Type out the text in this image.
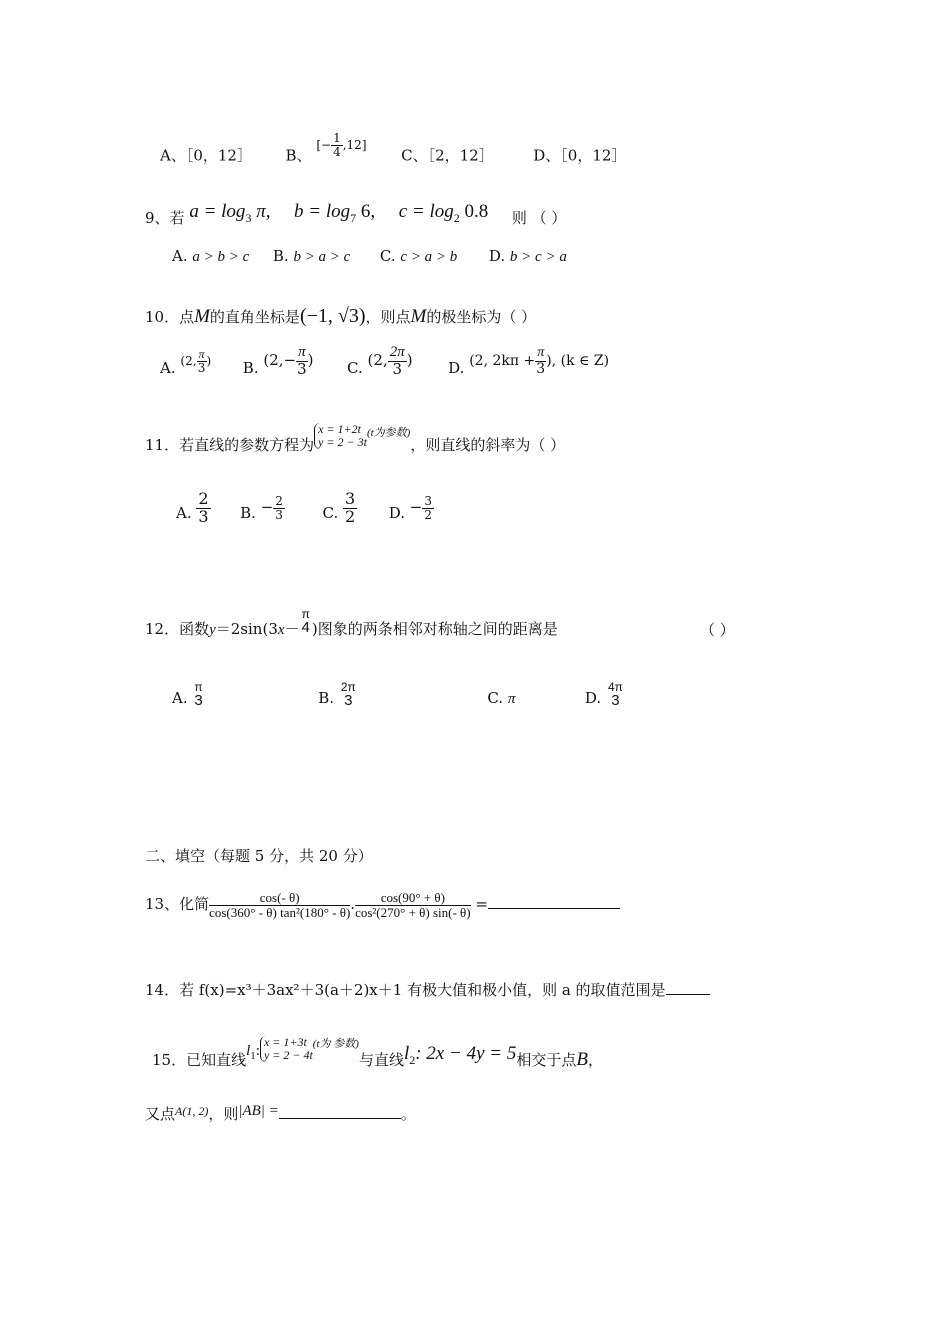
A、［0，12］ B、 [− 1
4 ,12]  C、［2，12］	D、［0，12］
9、若 $a = \log_3 \pi$, $b = \log_7 6$, $c = \log_2 0.8$ 则 （ ）
A. a > b > c B. b > a > c C. c > a > b D. b > c > a
10．点M的直角坐标是(−1, √3)，则点M的极坐标为（ ）
A. $^{(2, \frac{\pi}{3} )}$ B. ($2,- \frac{\pi}{3}$ ) C. (2, $\frac{2\pi}{3}$ ) D. (2, $2k\pi + \frac{\pi}{3}$ ), (k ∈ Z)
11．若直线的参数方程为
x = 1+2t
y = 2 − 3t
$^{(t为参数)}$，则直线的斜率为（ ）
A. $\frac{2}{3} B$. − $\frac{2}{3}$	C. $\frac{3}{2} D$. − $\frac{3}{2}$
12．函数y＝2sin(3x－
π
4 )图象的两条相邻对称轴之间的距离是	（ ）
A.
π
3	B.
2π
3	C. π	D.
4π
3
二、填空（每题 5 分，共 20 分）
13、化简 $\frac{\cos(- \theta)}{\text{cos(360° - θ) tan²(180° - θ)}}$ . $\frac{\cos(90^\circ + \theta)}{\text{cos²(270° + θ) sin(- θ)}}$ =
14．若 f(x)=x³＋3ax²＋3(a＋2)x＋1 有极大值和极小值，则 a 的取值范围是
15．已知直线$l_1$:
x = 1+3t
y = 2 − 4t
$^{(t为 参数)}$与直线$l_2$: 2x − 4y = 5相交于点B，
又点$^{A(1, 2)}$，则|AB| =	。
